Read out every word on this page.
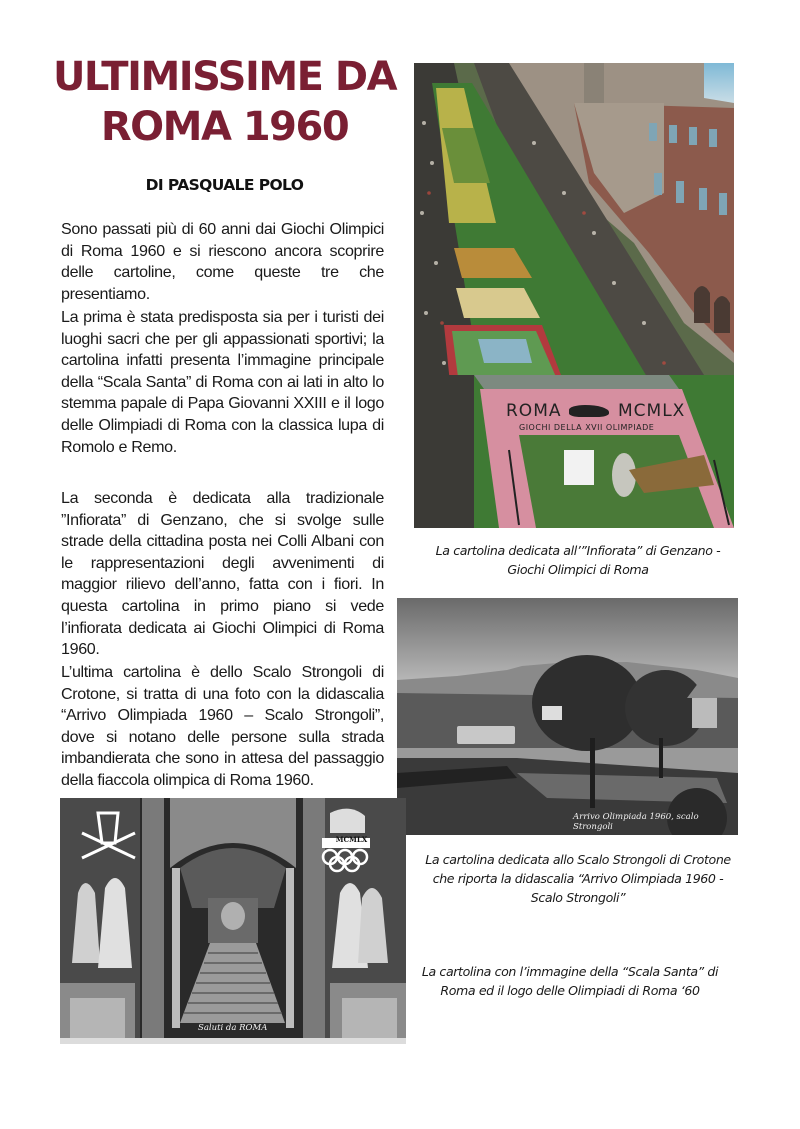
ULTIMISSIME DA
ROMA 1960
DI PASQUALE POLO

Sono passati più di 60 anni dai Giochi Olimpici di Roma 1960 e si riescono ancora scoprire delle cartoline, come queste tre che presentiamo.

La prima è stata predisposta sia per i turisti dei luoghi sacri che per gli appassionati sportivi; la cartolina infatti presenta l’immagine principale della “Scala Santa” di Roma con ai lati in alto lo stemma papale di Papa Giovanni XXIII e il logo delle Olimpiadi di Roma con la classica lupa di Romolo e Remo.

La seconda è dedicata alla tradizionale ”Infiorata” di Genzano, che si svolge sulle strade della cittadina posta nei Colli Albani con le rappresentazioni degli avvenimenti di maggior rilievo dell’anno, fatta con i fiori. In questa cartolina in primo piano si vede l’infiorata dedicata ai Giochi Olimpici di Roma 1960.

L’ultima cartolina è dello Scalo Strongoli di Crotone, si tratta di una foto con la didascalia “Arrivo Olimpiada 1960 – Scalo Strongoli”, dove si notano delle persone sulla strada imbandierata che sono in attesa del passaggio della fiaccola olimpica di Roma 1960.

ROMA	MCMLX
GIOCHI DELLA XVII OLIMPIADE
La cartolina dedicata all’”Infiorata” di Genzano -
Giochi Olimpici di Roma
Arrivo Olimpiada 1960, scalo Strongoli
La cartolina dedicata allo Scalo Strongoli di Crotone
che riporta la didascalia “Arrivo Olimpiada 1960 -
Scalo Strongoli”
MCMLX
Saluti da ROMA
La cartolina con l’immagine della “Scala Santa” di
Roma ed il logo delle Olimpiadi di Roma ‘60
